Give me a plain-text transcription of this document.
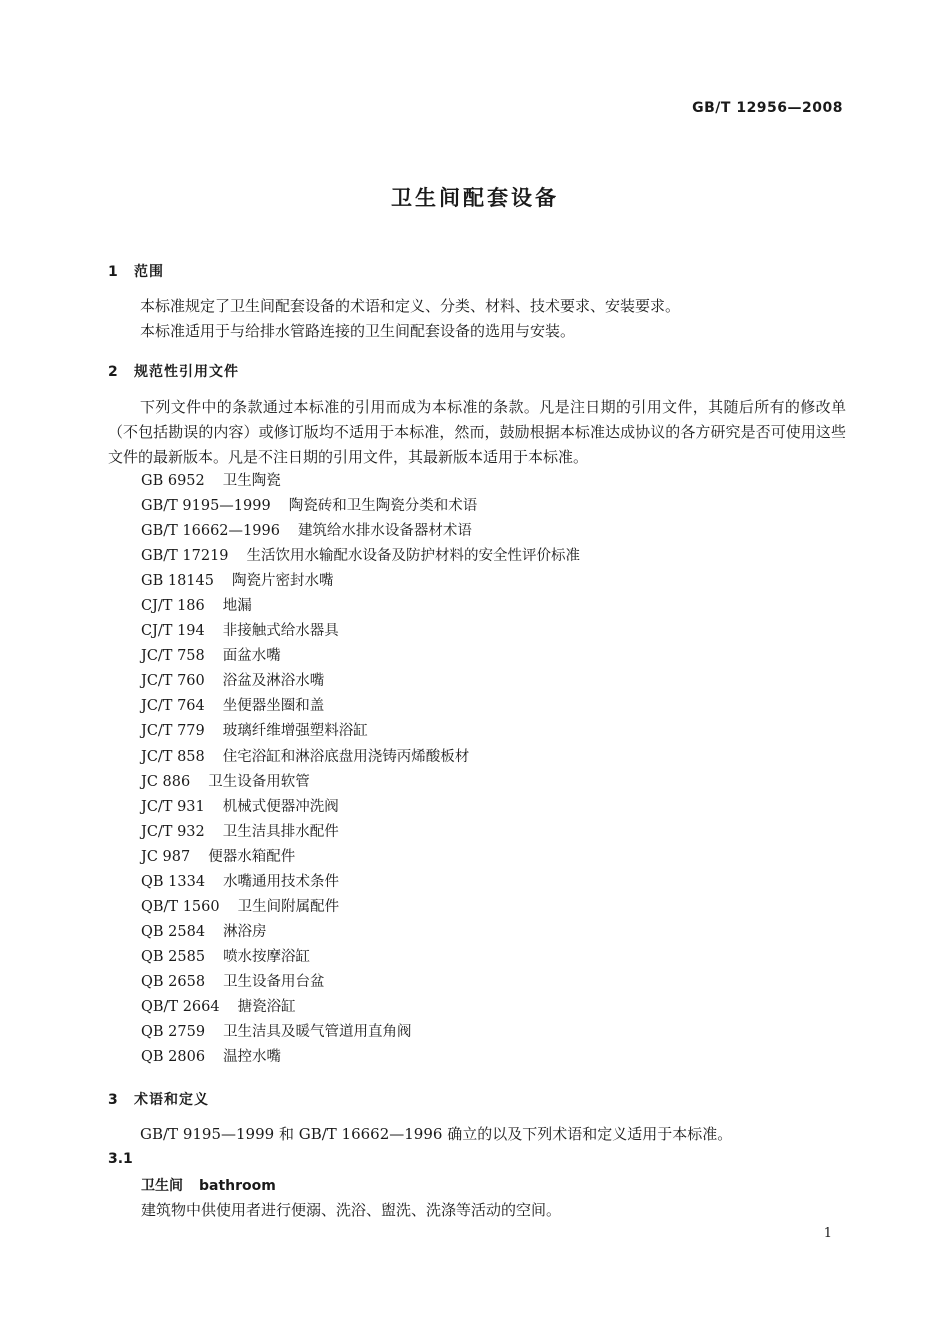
GB/T 12956—2008
卫生间配套设备
1 范围

本标准规定了卫生间配套设备的术语和定义、分类、材料、技术要求、安装要求。

本标准适用于与给排水管路连接的卫生间配套设备的选用与安装。

2 规范性引用文件

下列文件中的条款通过本标准的引用而成为本标准的条款。凡是注日期的引用文件，其随后所有的修改单（不包括勘误的内容）或修订版均不适用于本标准，然而，鼓励根据本标准达成协议的各方研究是否可使用这些文件的最新版本。凡是不注日期的引用文件，其最新版本适用于本标准。

GB 6952 卫生陶瓷
GB/T 9195—1999 陶瓷砖和卫生陶瓷分类和术语
GB/T 16662—1996 建筑给水排水设备器材术语
GB/T 17219 生活饮用水输配水设备及防护材料的安全性评价标准
GB 18145 陶瓷片密封水嘴
CJ/T 186 地漏
CJ/T 194 非接触式给水器具
JC/T 758 面盆水嘴
JC/T 760 浴盆及淋浴水嘴
JC/T 764 坐便器坐圈和盖
JC/T 779 玻璃纤维增强塑料浴缸
JC/T 858 住宅浴缸和淋浴底盘用浇铸丙烯酸板材
JC 886 卫生设备用软管
JC/T 931 机械式便器冲洗阀
JC/T 932 卫生洁具排水配件
JC 987 便器水箱配件
QB 1334 水嘴通用技术条件
QB/T 1560 卫生间附属配件
QB 2584 淋浴房
QB 2585 喷水按摩浴缸
QB 2658 卫生设备用台盆
QB/T 2664 搪瓷浴缸
QB 2759 卫生洁具及暖气管道用直角阀
QB 2806 温控水嘴
3 术语和定义

GB/T 9195—1999 和 GB/T 16662—1996 确立的以及下列术语和定义适用于本标准。

3.1
卫生间 bathroom
建筑物中供使用者进行便溺、洗浴、盥洗、洗涤等活动的空间。
1
